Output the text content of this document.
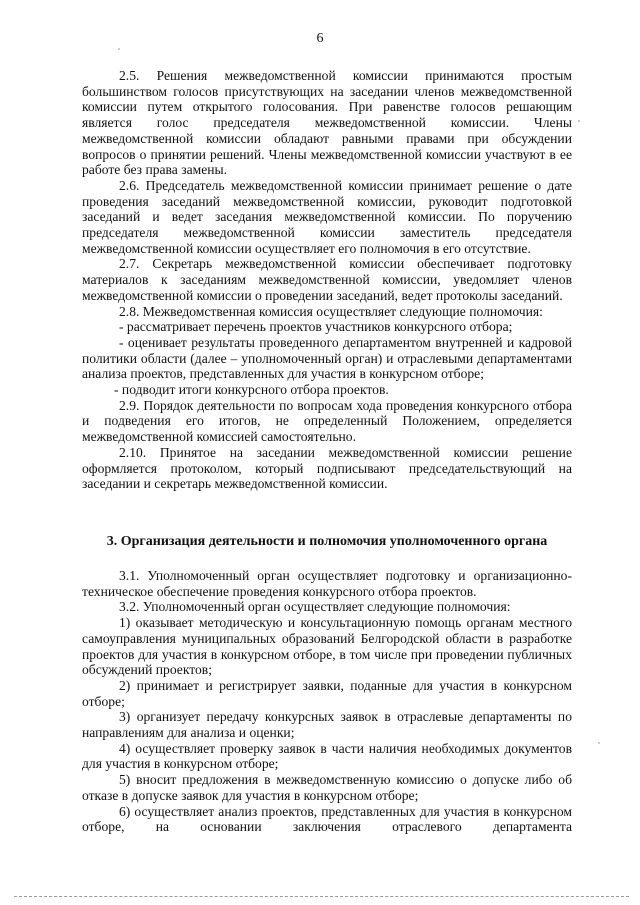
6

2.5. Решения межведомственной комиссии принимаются простым большинством голосов присутствующих на заседании членов межведомственной комиссии путем открытого голосования. При равенстве голосов решающим является голос председателя межведомственной комиссии. Члены межведомственной комиссии обладают равными правами при обсуждении вопросов о принятии решений. Члены межведомственной комиссии участвуют в ее работе без права замены.

2.6. Председатель межведомственной комиссии принимает решение о дате проведения заседаний межведомственной комиссии, руководит подготовкой заседаний и ведет заседания межведомственной комиссии. По поручению председателя межведомственной комиссии заместитель председателя межведомственной комиссии осуществляет его полномочия в его отсутствие.

2.7. Секретарь межведомственной комиссии обеспечивает подготовку материалов к заседаниям межведомственной комиссии, уведомляет членов межведомственной комиссии о проведении заседаний, ведет протоколы заседаний.

2.8. Межведомственная комиссия осуществляет следующие полномочия:

- рассматривает перечень проектов участников конкурсного отбора;

- оценивает результаты проведенного департаментом внутренней и кадровой политики области (далее – уполномоченный орган) и отраслевыми департаментами анализа проектов, представленных для участия в конкурсном отборе;

- подводит итоги конкурсного отбора проектов.

2.9. Порядок деятельности по вопросам хода проведения конкурсного отбора и подведения его итогов, не определенный Положением, определяется межведомственной комиссией самостоятельно.

2.10. Принятое на заседании межведомственной комиссии решение оформляется протоколом, который подписывают председательствующий на заседании и секретарь межведомственной комиссии.

3. Организация деятельности и полномочия уполномоченного органа

3.1. Уполномоченный орган осуществляет подготовку и организационно-техническое обеспечение проведения конкурсного отбора проектов.

3.2. Уполномоченный орган осуществляет следующие полномочия:

1) оказывает методическую и консультационную помощь органам местного самоуправления муниципальных образований Белгородской области в разработке проектов для участия в конкурсном отборе, в том числе при проведении публичных обсуждений проектов;

2) принимает и регистрирует заявки, поданные для участия в конкурсном отборе;

3) организует передачу конкурсных заявок в отраслевые департаменты по направлениям для анализа и оценки;

4) осуществляет проверку заявок в части наличия необходимых документов для участия в конкурсном отборе;

5) вносит предложения в межведомственную комиссию о допуске либо об отказе в допуске заявок для участия в конкурсном отборе;

6) осуществляет анализ проектов, представленных для участия в конкурсном отборе, на основании заключения отраслевого департамента
